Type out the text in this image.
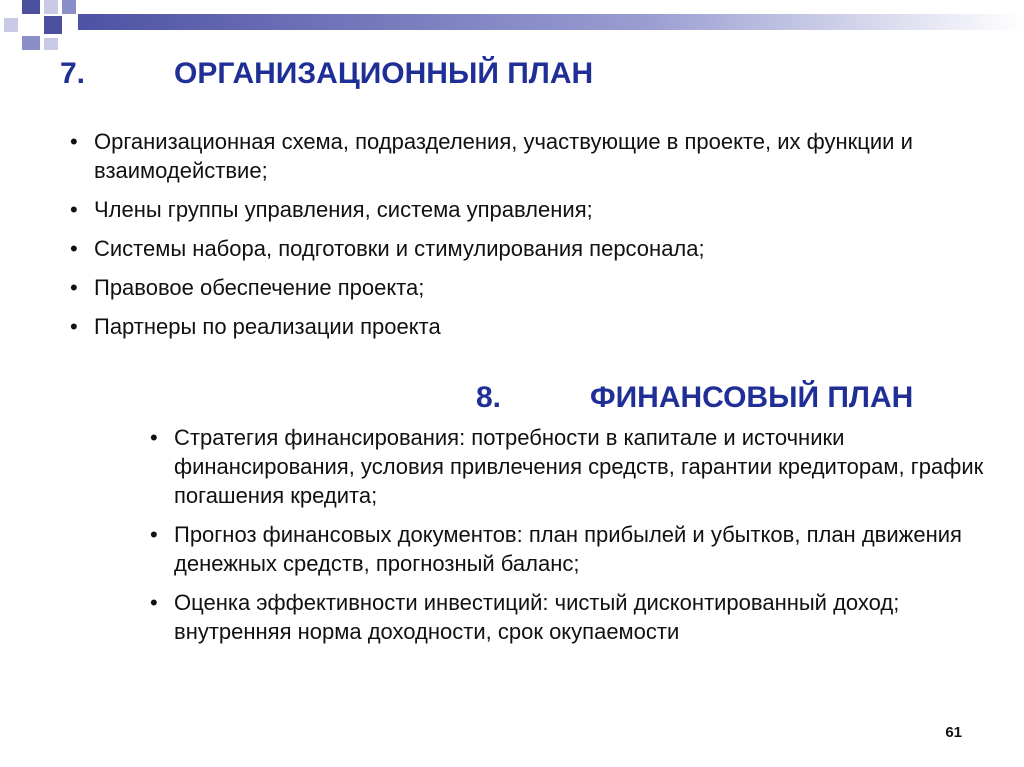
7.	ОРГАНИЗАЦИОННЫЙ ПЛАН
• Организационная схема, подразделения, участвующие в проекте, их функции и взаимодействие;
• Члены группы управления, система управления;
• Системы набора, подготовки и стимулирования персонала;
• Правовое обеспечение проекта;
• Партнеры по реализации проекта
8.	ФИНАНСОВЫЙ ПЛАН
• Стратегия финансирования: потребности в капитале и источники финансирования, условия привлечения средств, гарантии кредиторам, график погашения кредита;
• Прогноз финансовых документов: план прибылей и убытков, план движения денежных средств, прогнозный баланс;
• Оценка эффективности инвестиций: чистый дисконтированный доход; внутренняя норма доходности, срок окупаемости
61
